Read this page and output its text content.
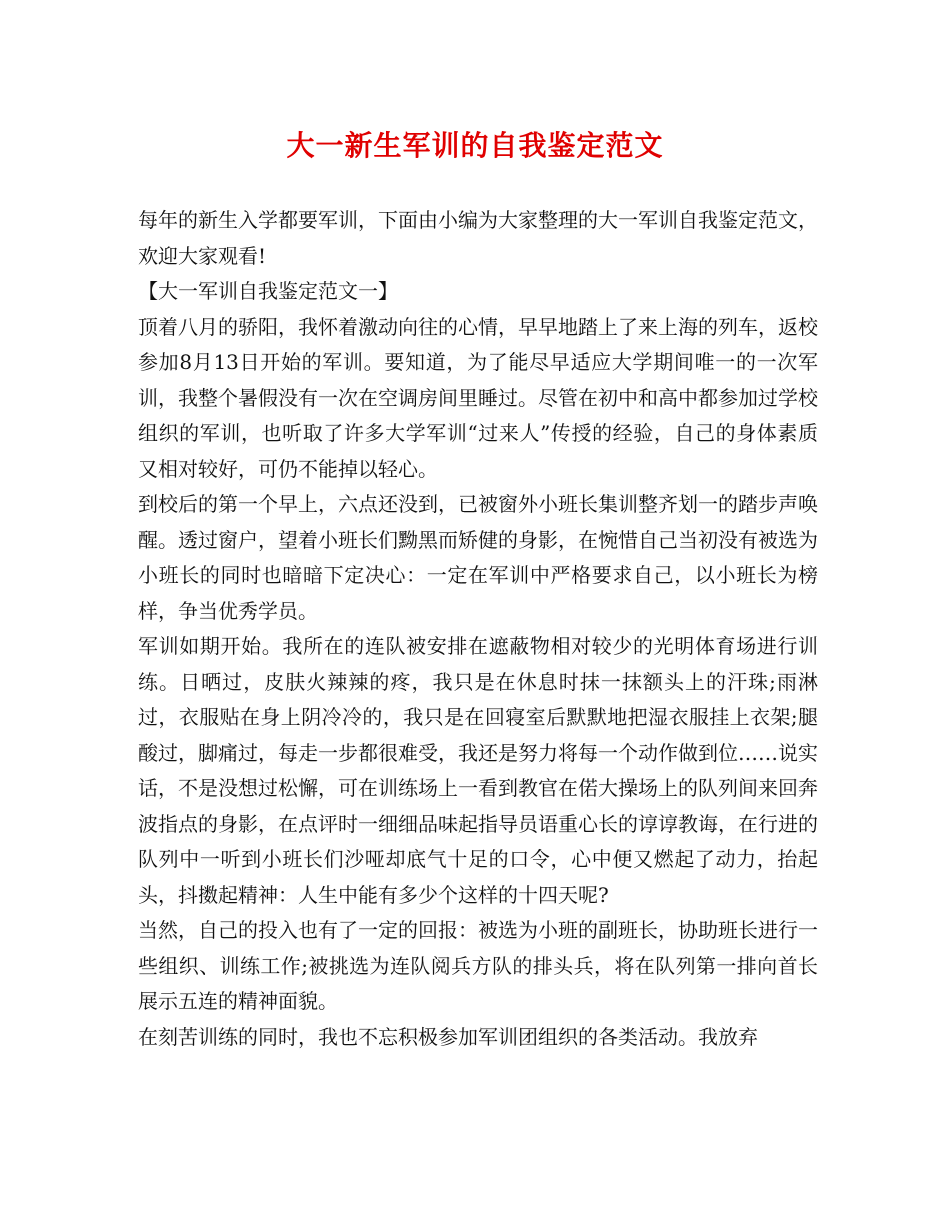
大一新生军训的自我鉴定范文

每年的新生入学都要军训，下面由小编为大家整理的大一军训自我鉴定范文，欢迎大家观看!

【大一军训自我鉴定范文一】

顶着八月的骄阳，我怀着激动向往的心情，早早地踏上了来上海的列车，返校参加8月13日开始的军训。要知道，为了能尽早适应大学期间唯一的一次军训，我整个暑假没有一次在空调房间里睡过。尽管在初中和高中都参加过学校组织的军训，也听取了许多大学军训“过来人”传授的经验，自己的身体素质又相对较好，可仍不能掉以轻心。

到校后的第一个早上，六点还没到，已被窗外小班长集训整齐划一的踏步声唤醒。透过窗户，望着小班长们黝黑而矫健的身影，在惋惜自己当初没有被选为小班长的同时也暗暗下定决心：一定在军训中严格要求自己，以小班长为榜样，争当优秀学员。

军训如期开始。我所在的连队被安排在遮蔽物相对较少的光明体育场进行训练。日晒过，皮肤火辣辣的疼，我只是在休息时抹一抹额头上的汗珠;雨淋过，衣服贴在身上阴冷冷的，我只是在回寝室后默默地把湿衣服挂上衣架;腿酸过，脚痛过，每走一步都很难受，我还是努力将每一个动作做到位……说实话，不是没想过松懈，可在训练场上一看到教官在偌大操场上的队列间来回奔波指点的身影，在点评时一细细品味起指导员语重心长的谆谆教诲，在行进的队列中一听到小班长们沙哑却底气十足的口令，心中便又燃起了动力，抬起头，抖擞起精神：人生中能有多少个这样的十四天呢?

当然，自己的投入也有了一定的回报：被选为小班的副班长，协助班长进行一些组织、训练工作;被挑选为连队阅兵方队的排头兵，将在队列第一排向首长展示五连的精神面貌。

在刻苦训练的同时，我也不忘积极参加军训团组织的各类活动。我放弃
